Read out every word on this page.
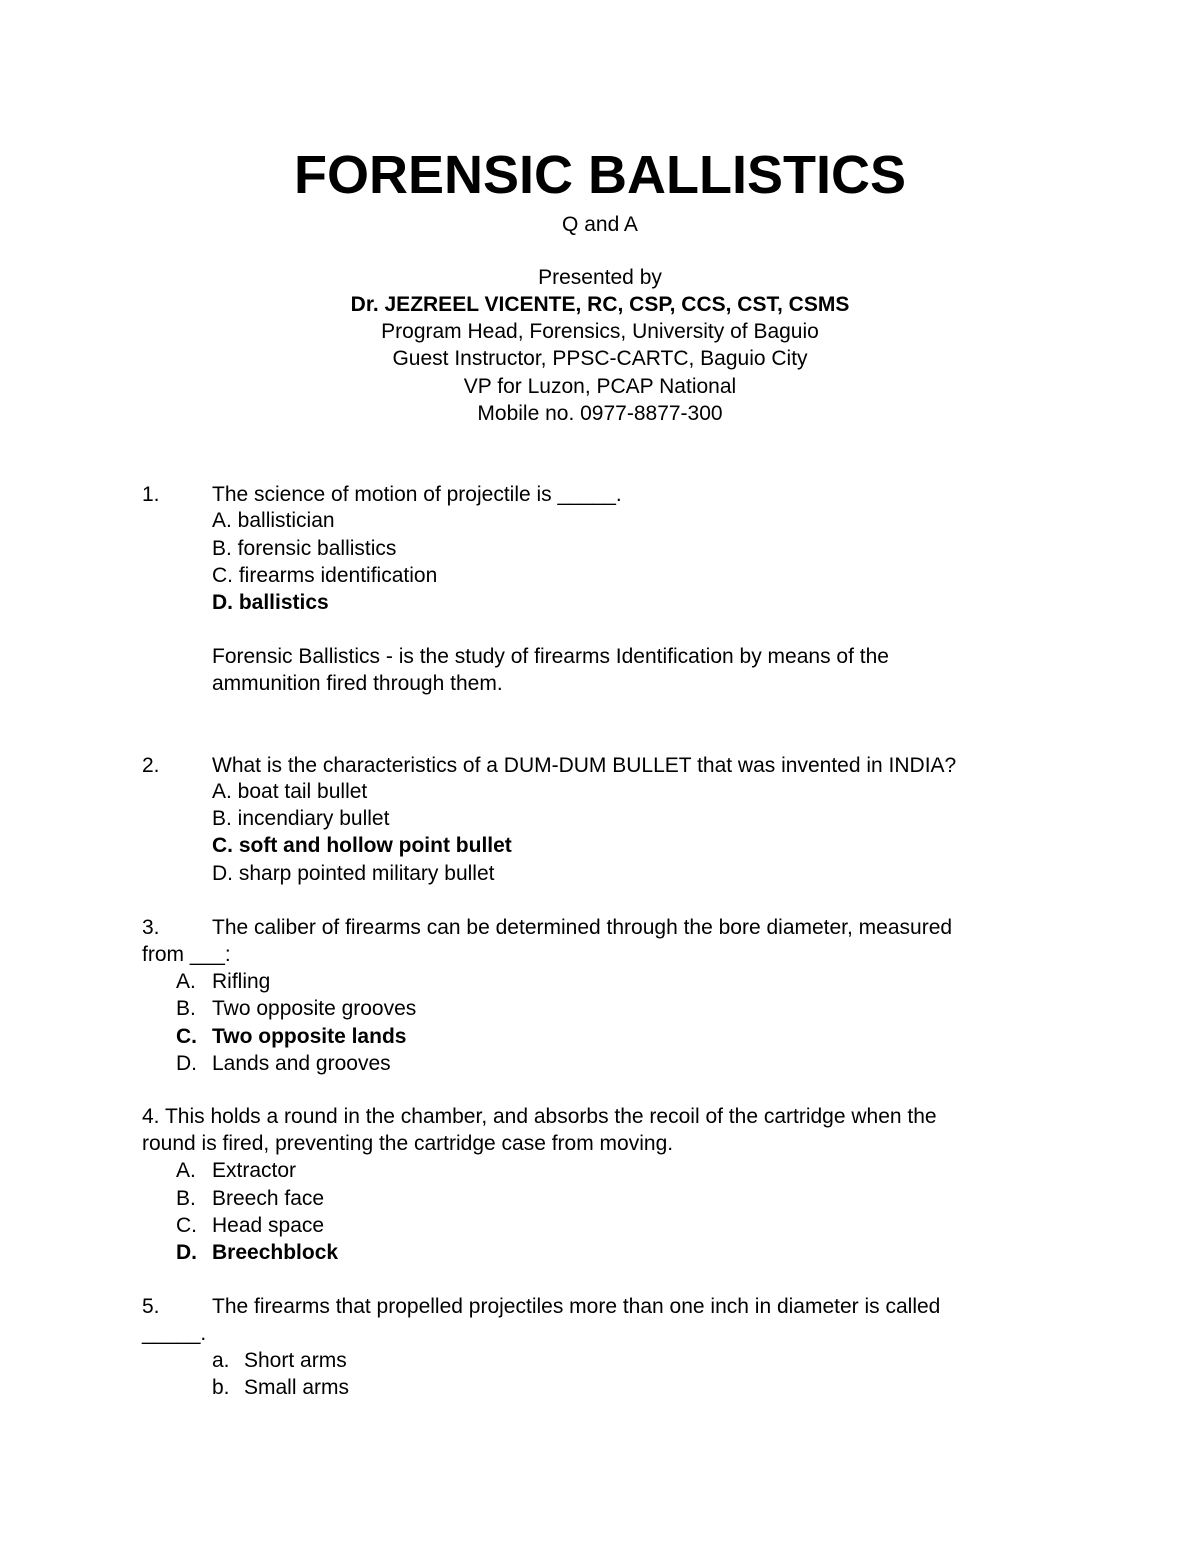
FORENSIC BALLISTICS
Q and A
Presented by
Dr. JEZREEL VICENTE, RC, CSP, CCS, CST, CSMS
Program Head, Forensics, University of Baguio
Guest Instructor, PPSC-CARTC, Baguio City
VP for Luzon, PCAP National
Mobile no. 0977-8877-300
1. The science of motion of projectile is _____.
A. ballistician
B. forensic ballistics
C. firearms identification
D. ballistics
Forensic Ballistics - is the study of firearms Identification by means of the
ammunition fired through them.
2. What is the characteristics of a DUM-DUM BULLET that was invented in INDIA?
A. boat tail bullet
B. incendiary bullet
C. soft and hollow point bullet
D. sharp pointed military bullet
3. The caliber of firearms can be determined through the bore diameter, measured
from ___:
A. Rifling
B. Two opposite grooves
C. Two opposite lands
D. Lands and grooves
4. This holds a round in the chamber, and absorbs the recoil of the cartridge when the
round is fired, preventing the cartridge case from moving.
A. Extractor
B. Breech face
C. Head space
D. Breechblock
5. The firearms that propelled projectiles more than one inch in diameter is called
_____.
a. Short arms
b. Small arms
